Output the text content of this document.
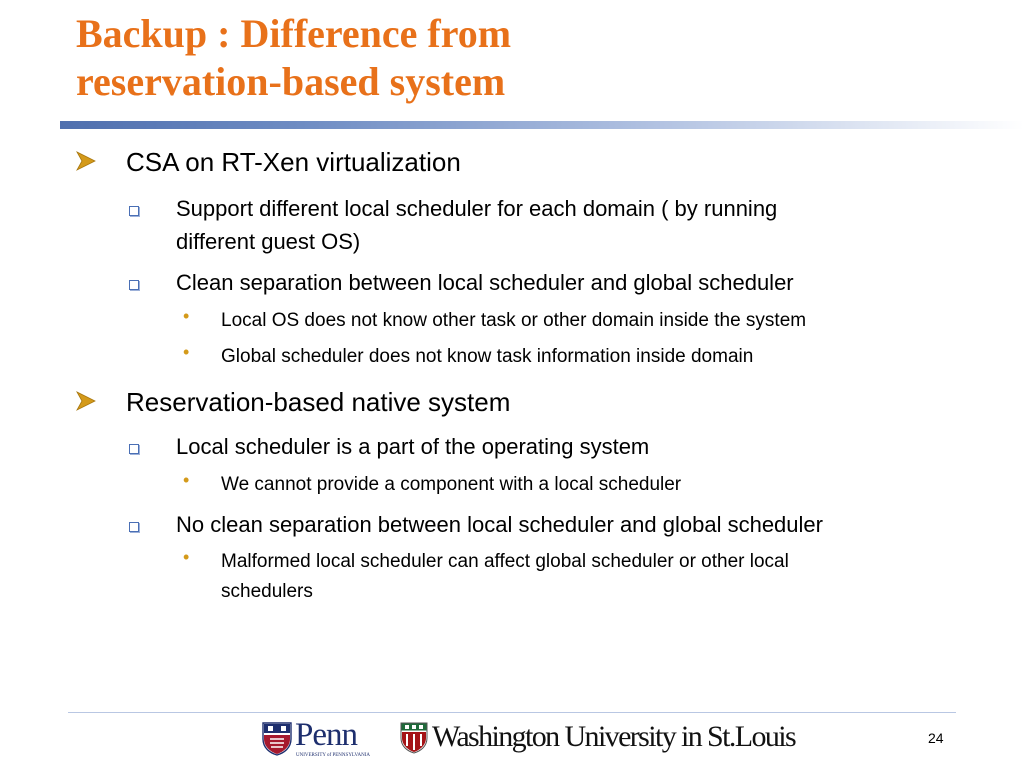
Backup : Difference from
reservation-based system
CSA on RT-Xen virtualization
Support different local scheduler for each domain ( by running
different guest OS)
Clean separation between local scheduler and global scheduler
• Local OS does not know other task or other domain inside the system
• Global scheduler does not know task information inside domain
Reservation-based native system
Local scheduler is a part of the operating system
• We cannot provide a component with a local scheduler
No clean separation between local scheduler and global scheduler
• Malformed local scheduler can affect global scheduler or other local
schedulers
Penn
UNIVERSITY of PENNSYLVANIA
Washington University in St.Louis	24
